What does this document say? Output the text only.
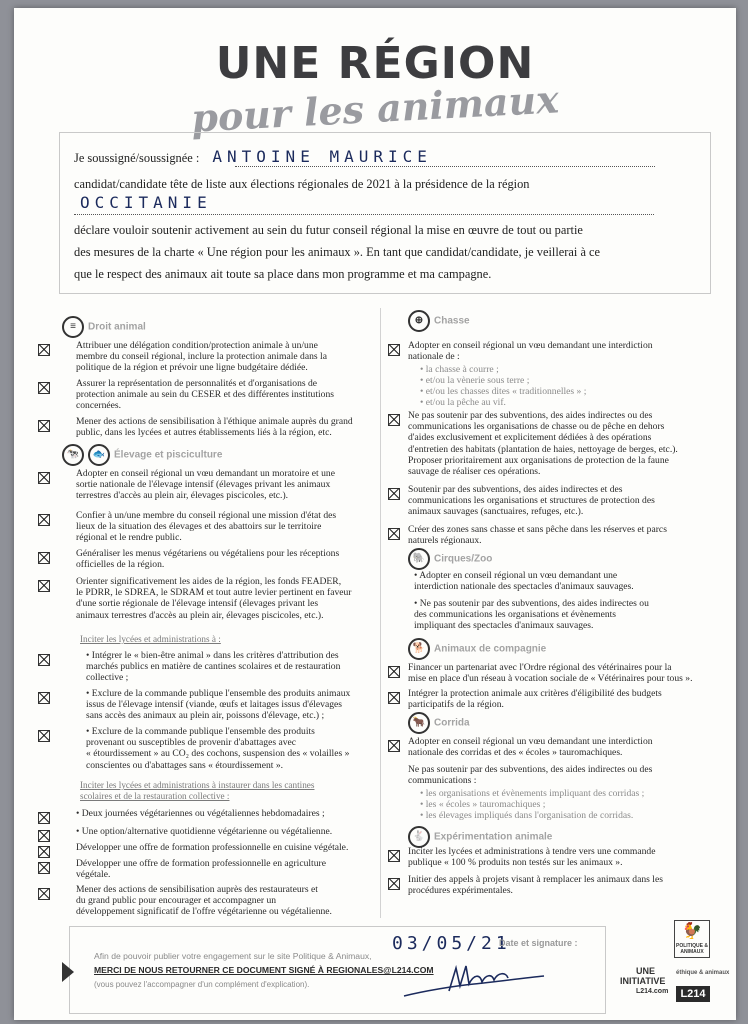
UNE RÉGION
pour les animaux
Je soussigné/soussignée : ANTOINE MAURICE
candidat/candidate tête de liste aux élections régionales de 2021 à la présidence de la région
OCCITANIE
déclare vouloir soutenir activement au sein du futur conseil régional la mise en œuvre de tout ou partie
des mesures de la charte « Une région pour les animaux ». En tant que candidat/candidate, je veillerai à ce
que le respect des animaux ait toute sa place dans mon programme et ma campagne.
≡ Droit animal
Attribuer une délégation condition/protection animale à un/une
membre du conseil régional, inclure la protection animale dans la
politique de la région et prévoir une ligne budgétaire dédiée.
Assurer la représentation de personnalités et d'organisations de
protection animale au sein du CESER et des différentes institutions
concernées.
Mener des actions de sensibilisation à l'éthique animale auprès du grand
public, dans les lycées et autres établissements liés à la région, etc.
🐄 🐟 Élevage et pisciculture
Adopter en conseil régional un vœu demandant un moratoire et une
sortie nationale de l'élevage intensif (élevages privant les animaux
terrestres d'accès au plein air, élevages piscicoles, etc.).
Confier à un/une membre du conseil régional une mission d'état des
lieux de la situation des élevages et des abattoirs sur le territoire
régional et le rendre public.
Généraliser les menus végétariens ou végétaliens pour les réceptions
officielles de la région.
Orienter significativement les aides de la région, les fonds FEADER,
le PDRR, le SDREA, le SDRAM et tout autre levier pertinent en faveur
d'une sortie régionale de l'élevage intensif (élevages privant les
animaux terrestres d'accès au plein air, élevages piscicoles, etc.).
Inciter les lycées et administrations à :
• Intégrer le « bien-être animal » dans les critères d'attribution des
marchés publics en matière de cantines scolaires et de restauration
collective ;
• Exclure de la commande publique l'ensemble des produits animaux
issus de l'élevage intensif (viande, œufs et laitages issus d'élevages
sans accès des animaux au plein air, poissons d'élevage, etc.) ;
• Exclure de la commande publique l'ensemble des produits
provenant ou susceptibles de provenir d'abattages avec
« étourdissement » au CO₂ des cochons, suspension des « volailles »
conscientes ou d'abattages sans « étourdissement ».
Inciter les lycées et administrations à instaurer dans les cantines
scolaires et de la restauration collective :
• Deux journées végétariennes ou végétaliennes hebdomadaires ;
• Une option/alternative quotidienne végétarienne ou végétalienne.
Développer une offre de formation professionnelle en cuisine végétale.
Développer une offre de formation professionnelle en agriculture
végétale.
Mener des actions de sensibilisation auprès des restaurateurs et
du grand public pour encourager et accompagner un
développement significatif de l'offre végétarienne ou végétalienne.
⊕ Chasse
Adopter en conseil régional un vœu demandant une interdiction
nationale de :
Ne pas soutenir par des subventions, des aides indirectes ou des
communications les organisations de chasse ou de pêche en dehors
d'aides exclusivement et explicitement dédiées à des opérations
d'entretien des habitats (plantation de haies, nettoyage de berges, etc.).
Proposer prioritairement aux organisations de protection de la faune
sauvage de réaliser ces opérations.
Soutenir par des subventions, des aides indirectes et des
communications les organisations et structures de protection des
animaux sauvages (sanctuaires, refuges, etc.).
Créer des zones sans chasse et sans pêche dans les réserves et parcs
naturels régionaux.
• la chasse à courre ;
• et/ou la vènerie sous terre ;
• et/ou les chasses dites « traditionnelles » ;
• et/ou la pêche au vif.
🐘 Cirques/Zoo
• Adopter en conseil régional un vœu demandant une
interdiction nationale des spectacles d'animaux sauvages.
• Ne pas soutenir par des subventions, des aides indirectes ou
des communications les organisations et évènements
impliquant des spectacles d'animaux sauvages.
🐕 Animaux de compagnie
Financer un partenariat avec l'Ordre régional des vétérinaires pour la
mise en place d'un réseau à vocation sociale de « Vétérinaires pour tous ».
Intégrer la protection animale aux critères d'éligibilité des budgets
participatifs de la région.
🐂 Corrida
Adopter en conseil régional un vœu demandant une interdiction
nationale des corridas et des « écoles » tauromachiques.
Ne pas soutenir par des subventions, des aides indirectes ou des
communications :
• les organisations et évènements impliquant des corridas ;
• les « écoles » tauromachiques ;
• les élevages impliqués dans l'organisation de corridas.
🐇 Expérimentation animale
Inciter les lycées et administrations à tendre vers une commande
publique « 100 % produits non testés sur les animaux ».
Initier des appels à projets visant à remplacer les animaux dans les
procédures expérimentales.
Afin de pouvoir publier votre engagement sur le site Politique & Animaux,
MERCI DE NOUS RETOURNER CE DOCUMENT SIGNÉ À REGIONALES@L214.COM
(vous pouvez l'accompagner d'un complément d'explication).
03/05/21
Date et signature :
🐓
POLITIQUE & ANIMAUX
UNE
INITIATIVE
éthique & animaux
L214.com	L214
